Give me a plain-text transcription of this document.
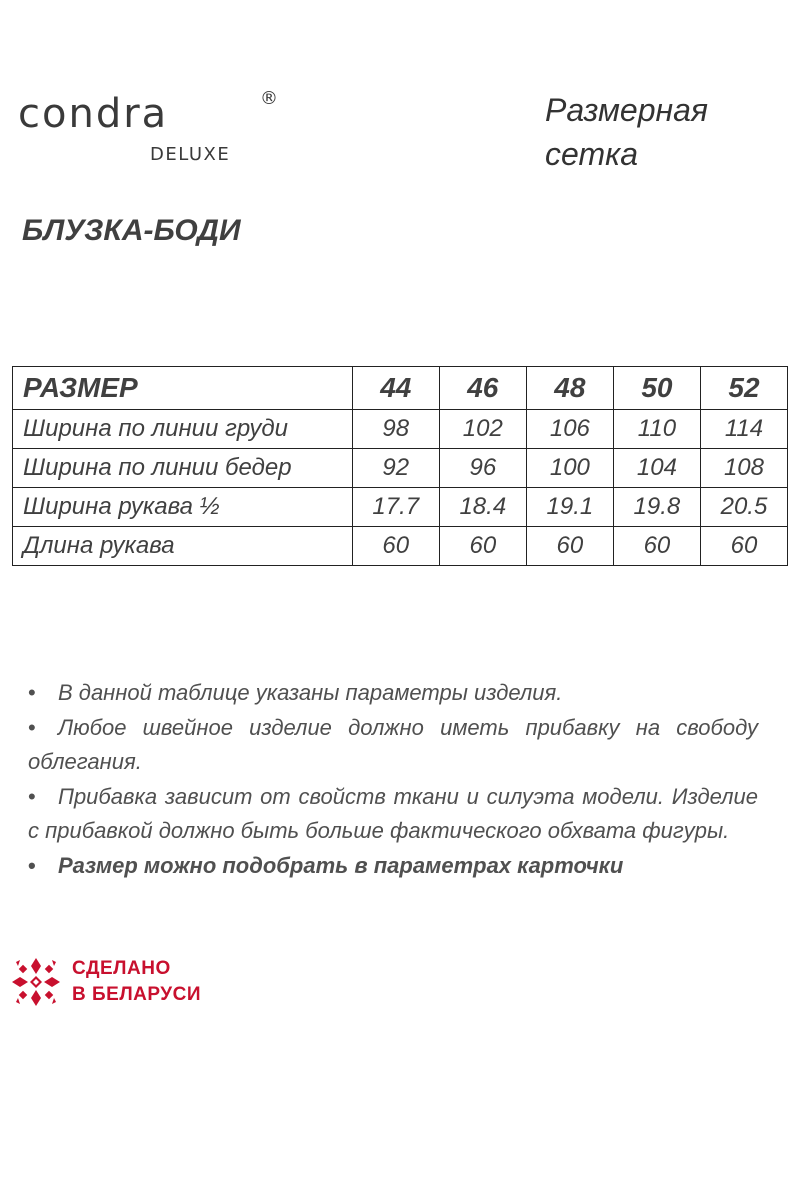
condra	®
DELUXE
Размерная
сетка
БЛУЗКА-БОДИ
РАЗМЕР	44	46	48	50	52
Ширина по линии груди	98	102	106	110	114
Ширина по линии бедер	92	96	100	104	108
Ширина рукава ½	17.7	18.4	19.1	19.8	20.5
Длина рукава	60	60	60	60	60

• В данной таблице указаны параметры изделия.

• Любое швейное изделие должно иметь прибавку на свободу облегания.

• Прибавка зависит от свойств ткани и силуэта модели. Изделие с прибавкой должно быть больше фактического обхвата фигуры.

• Размер можно подобрать в параметрах карточки

СДЕЛАНО
В БЕЛАРУСИ
